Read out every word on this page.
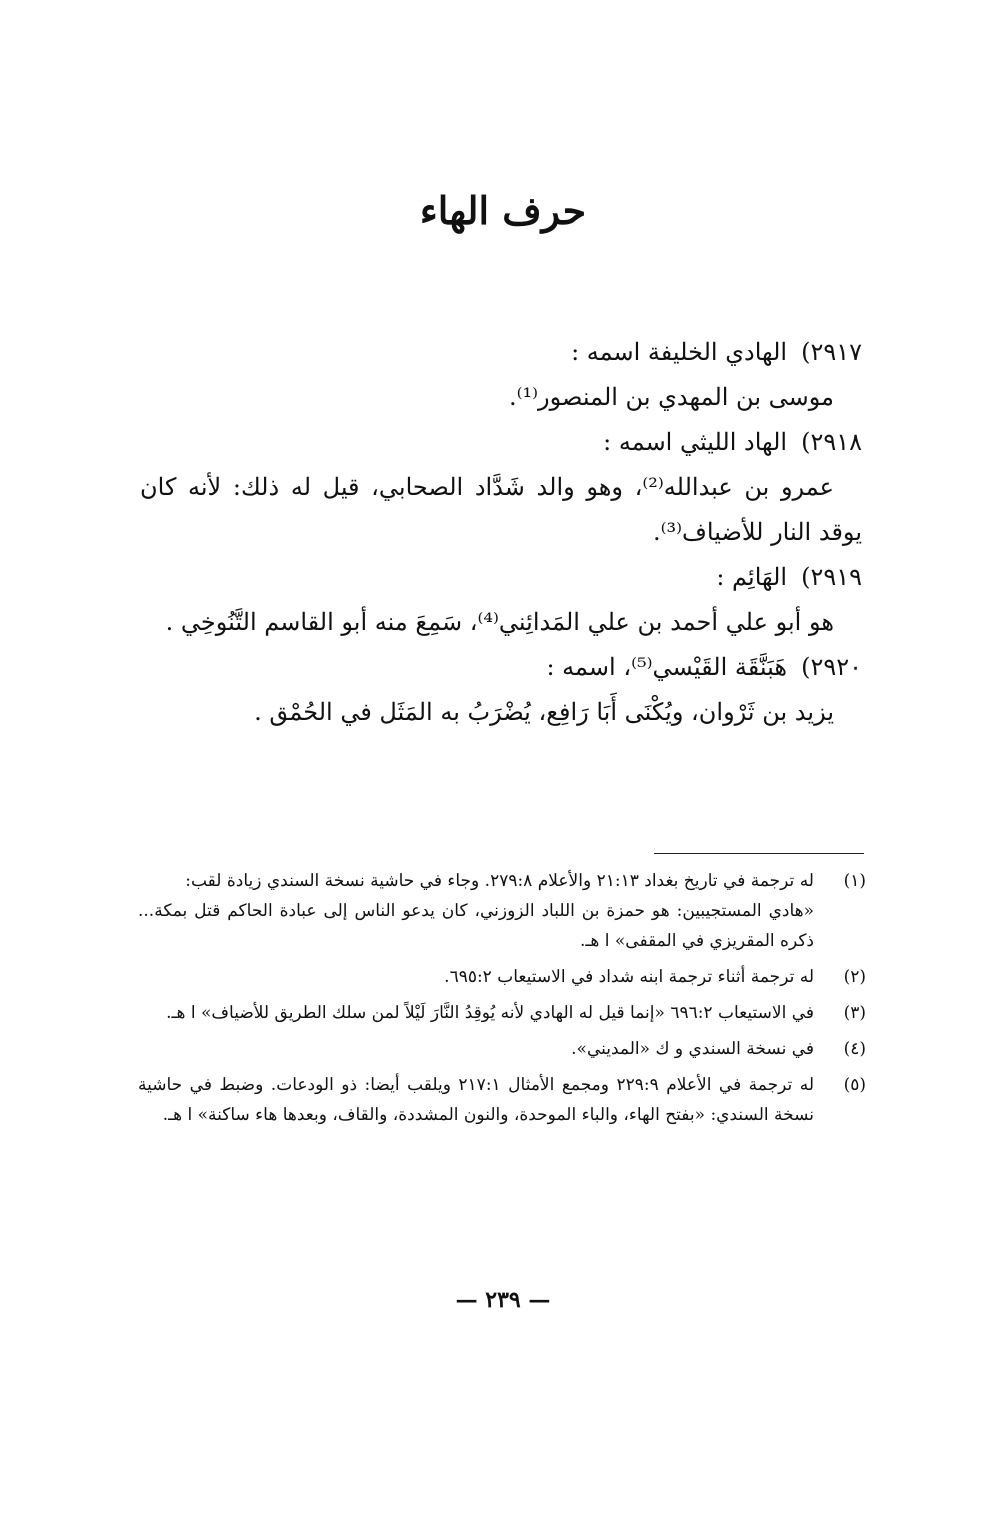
حرف الهاء

٢٩١٧)الهادي الخليفة اسمه :

موسى بن المهدي بن المنصور⁽¹⁾.

٢٩١٨)الهاد الليثي اسمه :

عمرو بن عبدالله⁽²⁾، وهو والد شَدَّاد الصحابي، قيل له ذلك: لأنه كان يوقد النار للأضياف⁽³⁾.

٢٩١٩)الهَائِم :

هو أبو علي أحمد بن علي المَدائِني⁽⁴⁾، سَمِعَ منه أبو القاسم التَّنُوخِي .

٢٩٢٠)هَبَنَّقَة القَيْسي⁽⁵⁾، اسمه :

يزيد بن ثَرْوان، ويُكْنَى أَبَا رَافِع، يُضْرَبُ به المَثَل في الحُمْق .

(١)

له ترجمة في تاريخ بغداد ٢١:١٣ والأعلام ٢٧٩:٨. وجاء في حاشية نسخة السندي زيادة لقب:

«هادي المستجيبين: هو حمزة بن اللباد الزوزني، كان يدعو الناس إلى عبادة الحاكم قتل بمكة... ذكره المقريزي في المقفى» ا هـ.

(٢)

له ترجمة أثناء ترجمة ابنه شداد في الاستيعاب ٦٩٥:٢.

(٣)

في الاستيعاب ٦٩٦:٢ «إنما قيل له الهادي لأنه يُوقِدُ النَّارَ لَيْلاً لمن سلك الطريق للأضياف» ا هـ.

(٤)

في نسخة السندي و ك «المديني».

(٥)

له ترجمة في الأعلام ٢٢٩:٩ ومجمع الأمثال ٢١٧:١ ويلقب أيضا: ذو الودعات. وضبط في حاشية نسخة السندي: «بفتح الهاء، والباء الموحدة، والنون المشددة، والقاف، وبعدها هاء ساكنة» ا هـ.

— ٢٣٩ —
